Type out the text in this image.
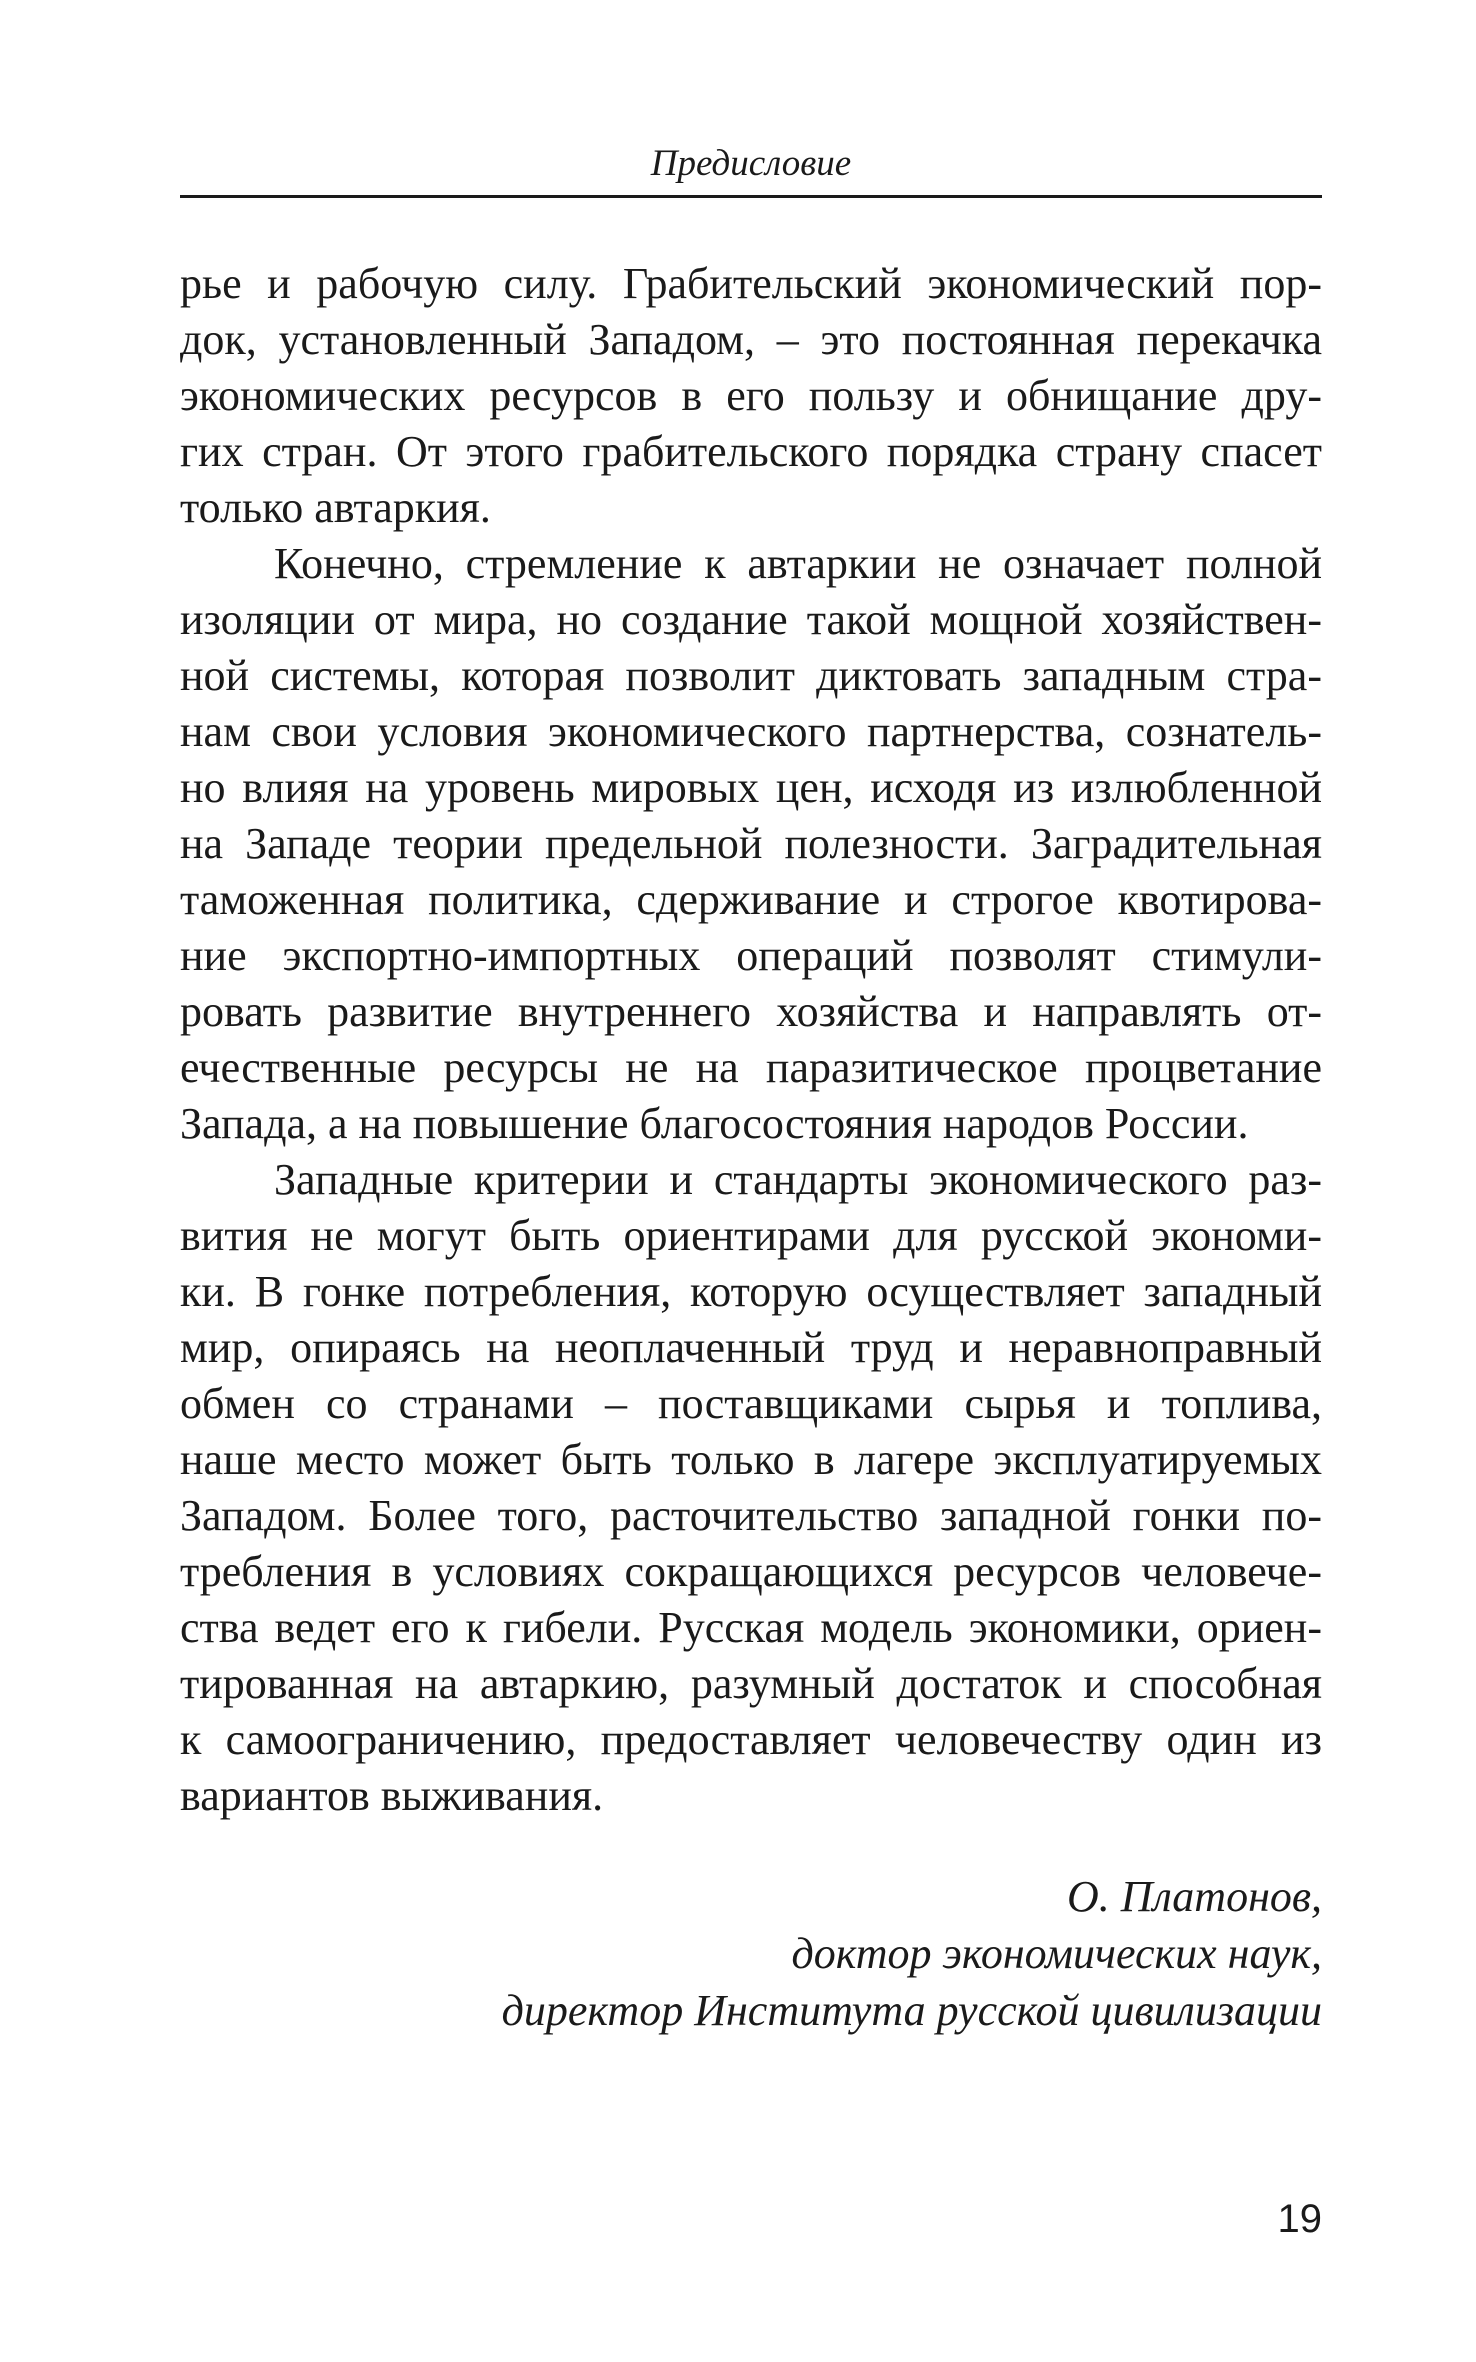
Предисловие
рье и рабочую силу. Грабительский экономический пор-
док, установленный Западом, – это постоянная перекачка
экономических ресурсов в его пользу и обнищание дру-
гих стран. От этого грабительского порядка страну спасет
только автаркия.
Конечно, стремление к автаркии не означает полной
изоляции от мира, но создание такой мощной хозяйствен-
ной системы, которая позволит диктовать западным стра-
нам свои условия экономического партнерства, сознатель-
но влияя на уровень мировых цен, исходя из излюбленной
на Западе теории предельной полезности. Заградительная
таможенная политика, сдерживание и строгое квотирова-
ние экспортно-импортных операций позволят стимули-
ровать развитие внутреннего хозяйства и направлять от-
ечественные ресурсы не на паразитическое процветание
Запада, а на повышение благосостояния народов России.
Западные критерии и стандарты экономического раз-
вития не могут быть ориентирами для русской экономи-
ки. В гонке потребления, которую осуществляет западный
мир, опираясь на неоплаченный труд и неравноправный
обмен со странами – поставщиками сырья и топлива,
наше место может быть только в лагере эксплуатируемых
Западом. Более того, расточительство западной гонки по-
требления в условиях сокращающихся ресурсов человече-
ства ведет его к гибели. Русская модель экономики, ориен-
тированная на автаркию, разумный достаток и способная
к самоограничению, предоставляет человечеству один из
вариантов выживания.
О. Платонов,
доктор экономических наук,
директор Института русской цивилизации
19
